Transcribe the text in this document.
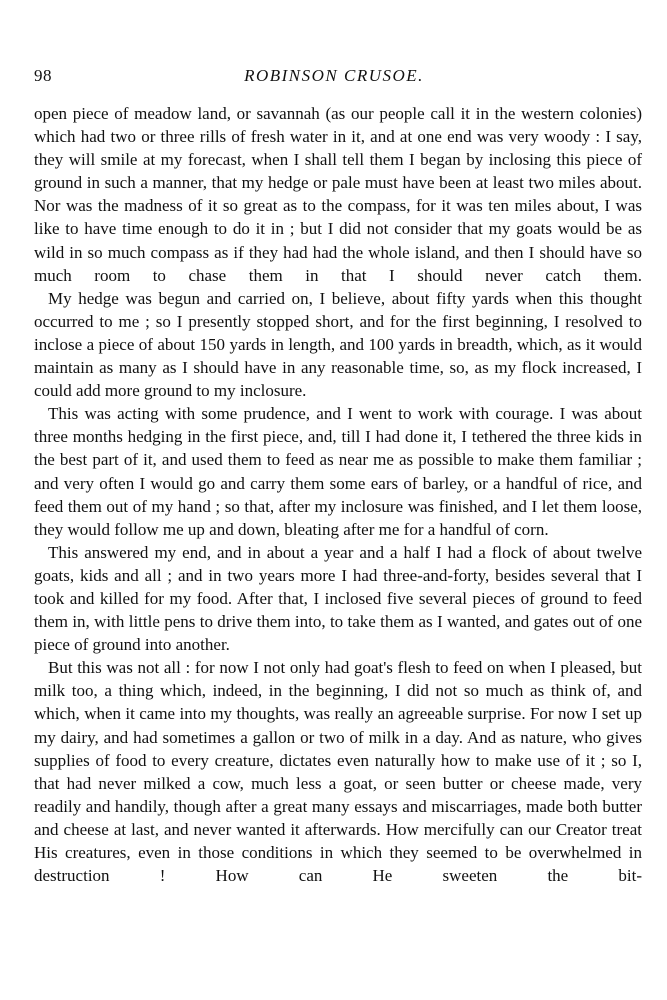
98	ROBINSON CRUSOE.

open piece of meadow land, or savannah (as our people call it in the western colonies) which had two or three rills of fresh water in it, and at one end was very woody : I say, they will smile at my forecast, when I shall tell them I began by inclosing this piece of ground in such a manner, that my hedge or pale must have been at least two miles about. Nor was the madness of it so great as to the compass, for it was ten miles about, I was like to have time enough to do it in ; but I did not consider that my goats would be as wild in so much compass as if they had had the whole island, and then I should have so much room to chase them in that I should never catch them.

My hedge was begun and carried on, I believe, about fifty yards when this thought occurred to me ; so I presently stopped short, and for the first beginning, I resolved to inclose a piece of about 150 yards in length, and 100 yards in breadth, which, as it would maintain as many as I should have in any reasonable time, so, as my flock increased, I could add more ground to my inclosure.

This was acting with some prudence, and I went to work with courage. I was about three months hedging in the first piece, and, till I had done it, I tethered the three kids in the best part of it, and used them to feed as near me as possible to make them familiar ; and very often I would go and carry them some ears of barley, or a handful of rice, and feed them out of my hand ; so that, after my inclosure was finished, and I let them loose, they would follow me up and down, bleating after me for a handful of corn.

This answered my end, and in about a year and a half I had a flock of about twelve goats, kids and all ; and in two years more I had three-and-forty, besides several that I took and killed for my food. After that, I inclosed five several pieces of ground to feed them in, with little pens to drive them into, to take them as I wanted, and gates out of one piece of ground into another.

But this was not all : for now I not only had goat's flesh to feed on when I pleased, but milk too, a thing which, indeed, in the beginning, I did not so much as think of, and which, when it came into my thoughts, was really an agreeable surprise. For now I set up my dairy, and had sometimes a gallon or two of milk in a day. And as nature, who gives supplies of food to every creature, dictates even naturally how to make use of it ; so I, that had never milked a cow, much less a goat, or seen butter or cheese made, very readily and handily, though after a great many essays and miscarriages, made both butter and cheese at last, and never wanted it afterwards. How mercifully can our Creator treat His creatures, even in those conditions in which they seemed to be overwhelmed in destruction ! How can He sweeten the bit-
